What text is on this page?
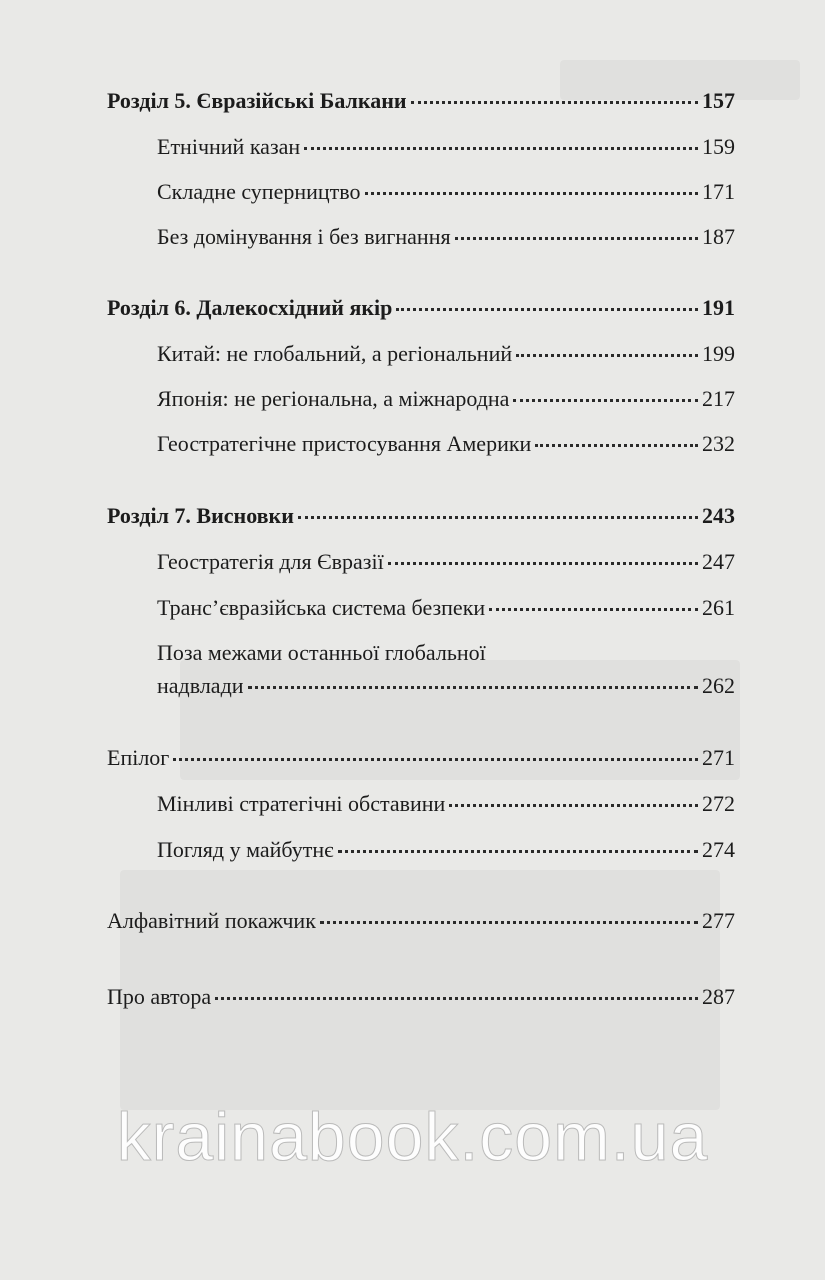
Розділ 5. Євразійські Балкани	157
Етнічний казан	159
Складне суперництво	171
Без домінування і без вигнання	187
Розділ 6. Далекосхідний якір	191
Китай: не глобальний, а регіональний	199
Японія: не регіональна, а міжнародна	217
Геостратегічне пристосування Америки	232
Розділ 7. Висновки	243
Геостратегія для Євразії	247
Транс’євразійська система безпеки	261
Поза межами останньої глобальної
надвлади	262
Епілог	271
Мінливі стратегічні обставини	272
Погляд у майбутнє	274
Алфавітний покажчик	277
Про автора	287
krainabook.com.ua
